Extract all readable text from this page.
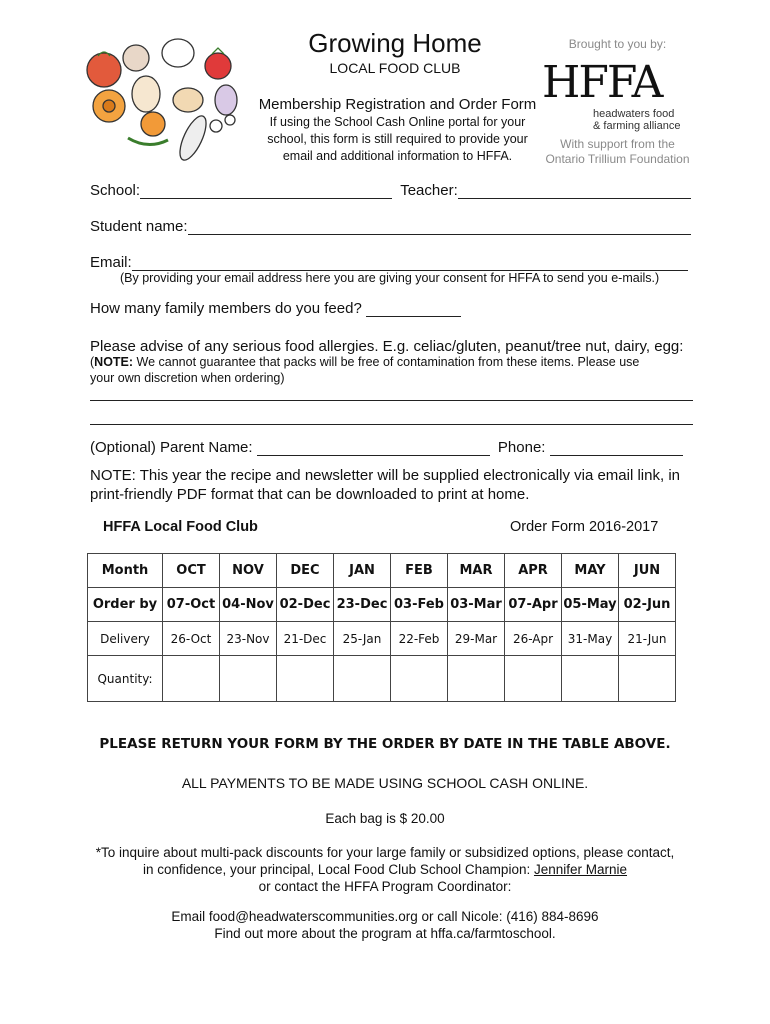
Growing Home
LOCAL FOOD CLUB
Membership Registration and Order Form
If using the School Cash Online portal for your
school, this form is still required to provide your
email and additional information to HFFA.
Brought to you by:
HFFA
headwaters food
& farming alliance
With support from the
Ontario Trillium Foundation
School:	Teacher:
Student name:
Email:
(By providing your email address here you are giving your consent for HFFA to send you e-mails.)
How many family members do you feed?
Please advise of any serious food allergies. E.g. celiac/gluten, peanut/tree nut, dairy, egg:
(NOTE: We cannot guarantee that packs will be free of contamination from these items. Please use
your own discretion when ordering)
(Optional) Parent Name:	Phone:
NOTE: This year the recipe and newsletter will be supplied electronically via email link, in
print-friendly PDF format that can be downloaded to print at home.
HFFA Local Food Club	Order Form 2016-2017
Month	OCT	NOV	DEC	JAN	FEB	MAR	APR	MAY	JUN
Order by	07-Oct	04-Nov	02-Dec	23-Dec	03-Feb	03-Mar	07-Apr	05-May	02-Jun
Delivery	26-Oct	23-Nov	21-Dec	25-Jan	22-Feb	29-Mar	26-Apr	31-May	21-Jun
Quantity:									
PLEASE RETURN YOUR FORM BY THE ORDER BY DATE IN THE TABLE ABOVE.
ALL PAYMENTS TO BE MADE USING SCHOOL CASH ONLINE.
Each bag is $ 20.00
*To inquire about multi-pack discounts for your large family or subsidized options, please contact,
in confidence, your principal, Local Food Club School Champion: Jennifer Marnie
or contact the HFFA Program Coordinator:
Email food@headwaterscommunities.org or call Nicole: (416) 884-8696
Find out more about the program at hffa.ca/farmtoschool.
